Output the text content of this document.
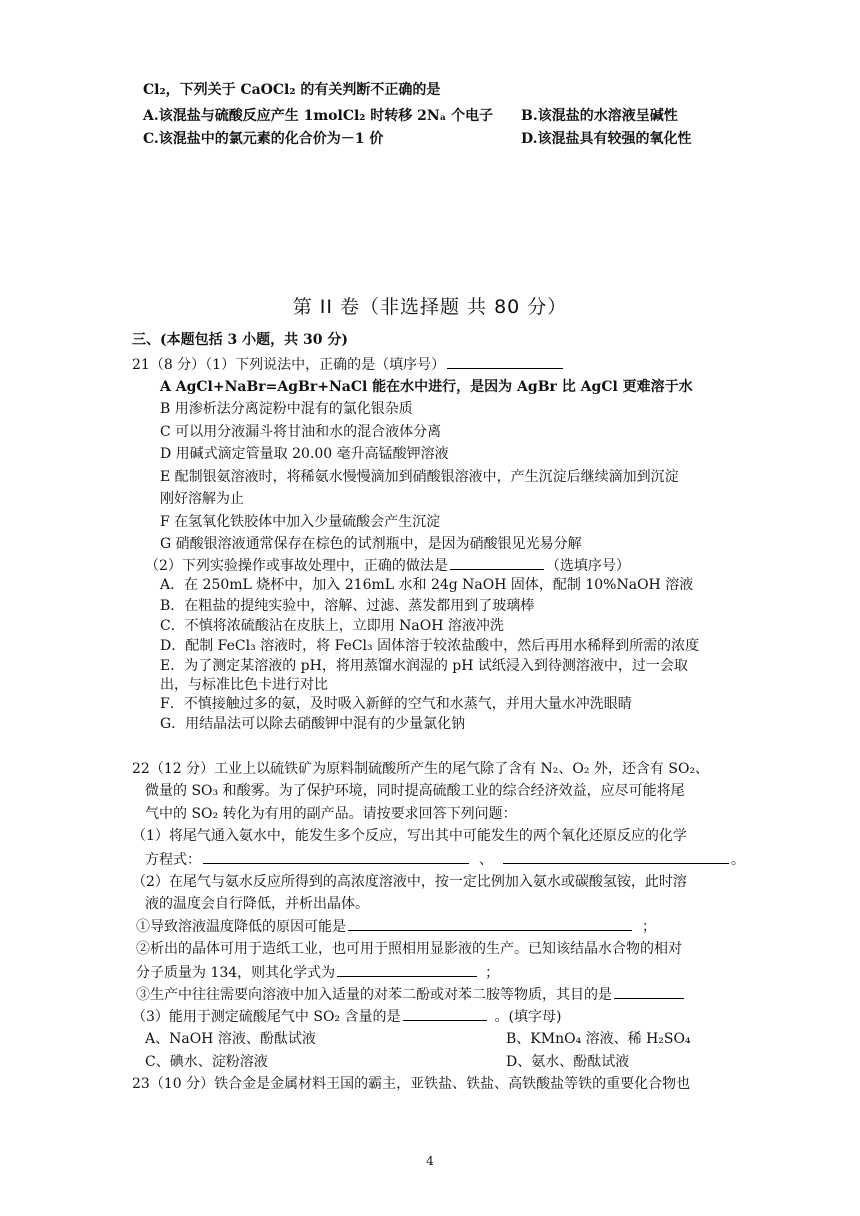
Cl₂，下列关于 CaOCl₂ 的有关判断不正确的是
A.该混盐与硫酸反应产生 1molCl₂ 时转移 2Nₐ 个电子 B.该混盐的水溶液呈碱性
C.该混盐中的氯元素的化合价为－1 价	D.该混盐具有较强的氧化性
第 II 卷（非选择题 共 80 分）
三、(本题包括 3 小题，共 30 分)
21（8 分）（1）下列说法中，正确的是（填序号）
A AgCl+NaBr=AgBr+NaCl 能在水中进行，是因为 AgBr 比 AgCl 更难溶于水
B 用渗析法分离淀粉中混有的氯化银杂质
C 可以用分液漏斗将甘油和水的混合液体分离
D 用碱式滴定管量取 20.00 毫升高锰酸钾溶液
E 配制银氨溶液时，将稀氨水慢慢滴加到硝酸银溶液中，产生沉淀后继续滴加到沉淀
刚好溶解为止
F 在氢氧化铁胶体中加入少量硫酸会产生沉淀
G 硝酸银溶液通常保存在棕色的试剂瓶中，是因为硝酸银见光易分解
（2）下列实验操作或事故处理中，正确的做法是	（选填序号）
A．在 250mL 烧杯中，加入 216mL 水和 24g NaOH 固体，配制 10%NaOH 溶液
B．在粗盐的提纯实验中，溶解、过滤、蒸发都用到了玻璃棒
C．不慎将浓硫酸沾在皮肤上，立即用 NaOH 溶液冲洗
D．配制 FeCl₃ 溶液时，将 FeCl₃ 固体溶于较浓盐酸中，然后再用水稀释到所需的浓度
E．为了测定某溶液的 pH，将用蒸馏水润湿的 pH 试纸浸入到待测溶液中，过一会取
出，与标准比色卡进行对比
F．不慎接触过多的氨，及时吸入新鲜的空气和水蒸气，并用大量水冲洗眼睛
G．用结晶法可以除去硝酸钾中混有的少量氯化钠
22（12 分）工业上以硫铁矿为原料制硫酸所产生的尾气除了含有 N₂、O₂ 外，还含有 SO₂、
微量的 SO₃ 和酸雾。为了保护环境，同时提高硫酸工业的综合经济效益，应尽可能将尾
气中的 SO₂ 转化为有用的副产品。请按要求回答下列问题：
（1）将尾气通入氨水中，能发生多个反应，写出其中可能发生的两个氧化还原反应的化学
方程式：	、	。
（2）在尾气与氨水反应所得到的高浓度溶液中，按一定比例加入氨水或碳酸氢铵，此时溶
液的温度会自行降低，并析出晶体。
①导致溶液温度降低的原因可能是	；
②析出的晶体可用于造纸工业，也可用于照相用显影液的生产。已知该结晶水合物的相对
分子质量为 134，则其化学式为	；
③生产中往往需要向溶液中加入适量的对苯二酚或对苯二胺等物质，其目的是
（3）能用于测定硫酸尾气中 SO₂ 含量的是	。(填字母)
A、NaOH 溶液、酚酞试液	B、KMnO₄ 溶液、稀 H₂SO₄
C、碘水、淀粉溶液	D、氨水、酚酞试液
23（10 分）铁合金是金属材料王国的霸主，亚铁盐、铁盐、高铁酸盐等铁的重要化合物也
4
